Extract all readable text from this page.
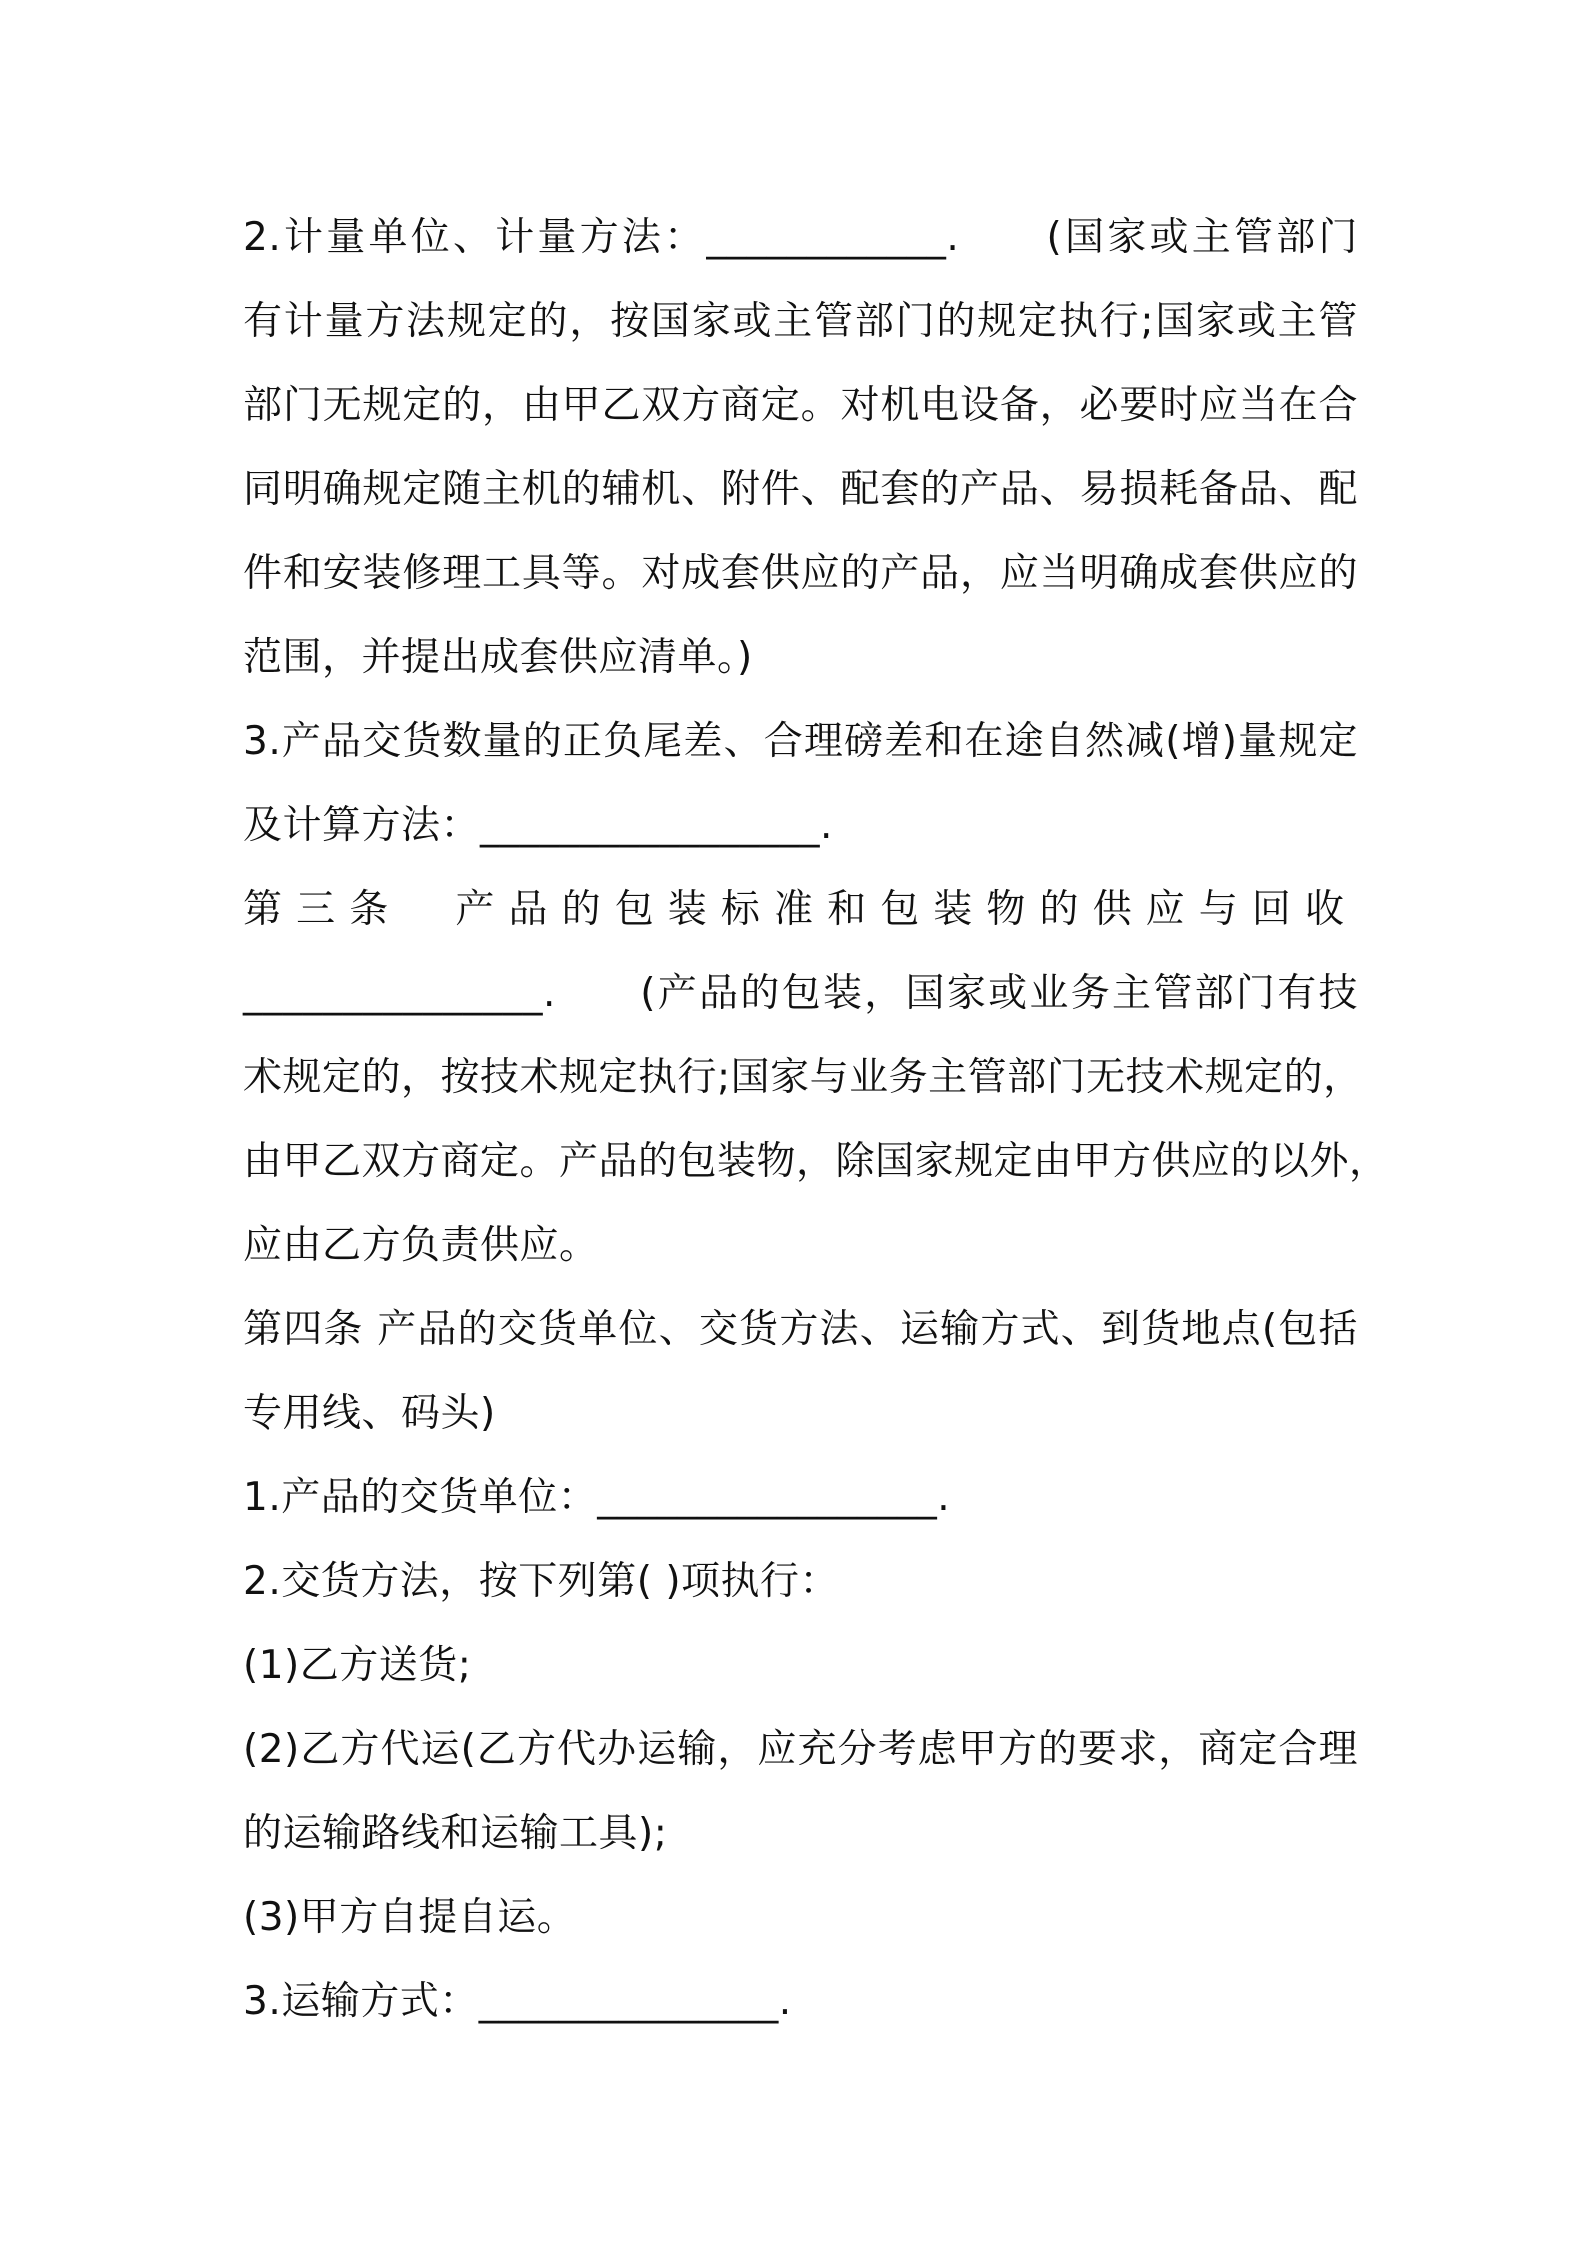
2.计量单位、计量方法：____________.　　(国家或主管部门
有计量方法规定的，按国家或主管部门的规定执行;国家或主管
部门无规定的，由甲乙双方商定。对机电设备，必要时应当在合
同明确规定随主机的辅机、附件、配套的产品、易损耗备品、配
件和安装修理工具等。对成套供应的产品，应当明确成套供应的
范围，并提出成套供应清单。)
3.产品交货数量的正负尾差、合理磅差和在途自然减(增)量规定
及计算方法：_________________.
第三条　产品的包装标准和包装物的供应与回收
_______________.　　(产品的包装，国家或业务主管部门有技
术规定的，按技术规定执行;国家与业务主管部门无技术规定的，
由甲乙双方商定。产品的包装物，除国家规定由甲方供应的以外，
应由乙方负责供应。
第四条 产品的交货单位、交货方法、运输方式、到货地点(包括
专用线、码头)
1.产品的交货单位：_________________.
2.交货方法，按下列第( )项执行：
(1)乙方送货;
(2)乙方代运(乙方代办运输，应充分考虑甲方的要求，商定合理
的运输路线和运输工具);
(3)甲方自提自运。
3.运输方式：_______________.
